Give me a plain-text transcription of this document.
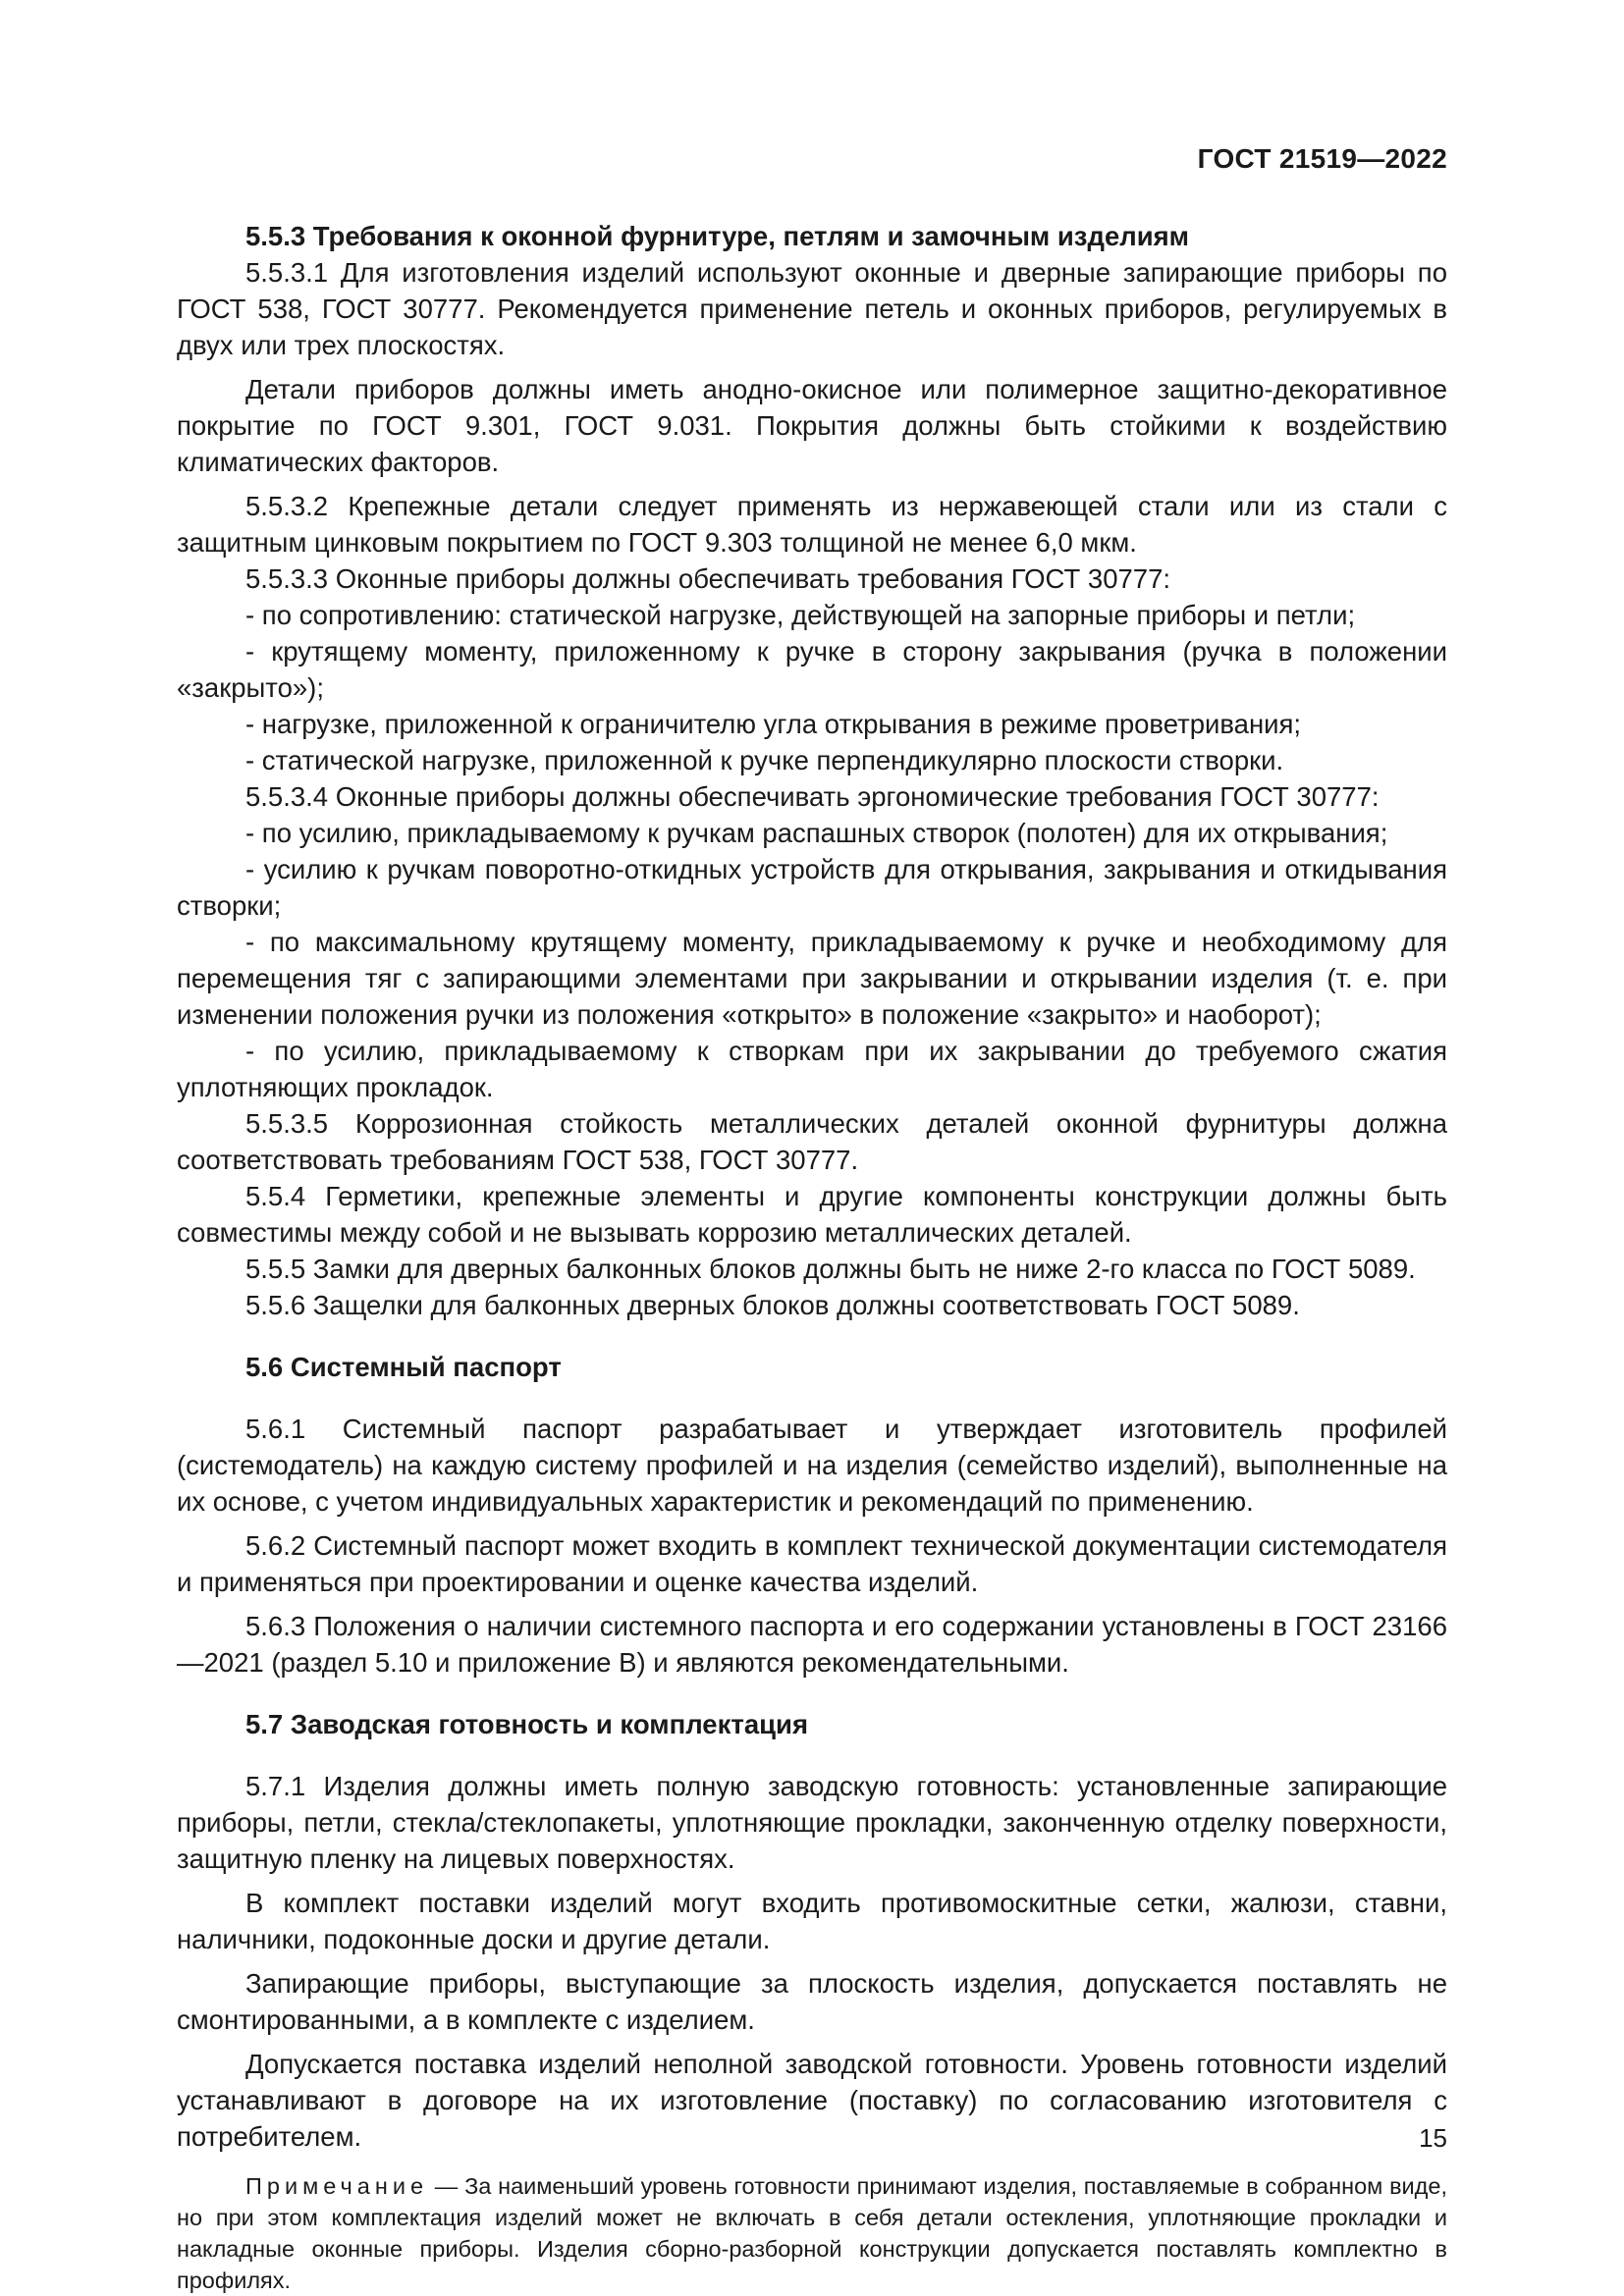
ГОСТ 21519—2022
5.5.3 Требования к оконной фурнитуре, петлям и замочным изделиям

5.5.3.1 Для изготовления изделий используют оконные и дверные запирающие приборы по ГОСТ 538, ГОСТ 30777. Рекомендуется применение петель и оконных приборов, регулируемых в двух или трех плоскостях.

Детали приборов должны иметь анодно-окисное или полимерное защитно-декоративное покрытие по ГОСТ 9.301, ГОСТ 9.031. Покрытия должны быть стойкими к воздействию климатических факторов.

5.5.3.2 Крепежные детали следует применять из нержавеющей стали или из стали с защитным цинковым покрытием по ГОСТ 9.303 толщиной не менее 6,0 мкм.

5.5.3.3 Оконные приборы должны обеспечивать требования ГОСТ 30777:

- по сопротивлению: статической нагрузке, действующей на запорные приборы и петли;

- крутящему моменту, приложенному к ручке в сторону закрывания (ручка в положении «закрыто»);

- нагрузке, приложенной к ограничителю угла открывания в режиме проветривания;

- статической нагрузке, приложенной к ручке перпендикулярно плоскости створки.

5.5.3.4 Оконные приборы должны обеспечивать эргономические требования ГОСТ 30777:

- по усилию, прикладываемому к ручкам распашных створок (полотен) для их открывания;

- усилию к ручкам поворотно-откидных устройств для открывания, закрывания и откидывания створки;

- по максимальному крутящему моменту, прикладываемому к ручке и необходимому для перемещения тяг с запирающими элементами при закрывании и открывании изделия (т. е. при изменении положения ручки из положения «открыто» в положение «закрыто» и наоборот);

- по усилию, прикладываемому к створкам при их закрывании до требуемого сжатия уплотняющих прокладок.

5.5.3.5 Коррозионная стойкость металлических деталей оконной фурнитуры должна соответствовать требованиям ГОСТ 538, ГОСТ 30777.

5.5.4 Герметики, крепежные элементы и другие компоненты конструкции должны быть совместимы между собой и не вызывать коррозию металлических деталей.

5.5.5 Замки для дверных балконных блоков должны быть не ниже 2-го класса по ГОСТ 5089.

5.5.6 Защелки для балконных дверных блоков должны соответствовать ГОСТ 5089.

5.6 Системный паспорт

5.6.1 Системный паспорт разрабатывает и утверждает изготовитель профилей (системодатель) на каждую систему профилей и на изделия (семейство изделий), выполненные на их основе, с учетом индивидуальных характеристик и рекомендаций по применению.

5.6.2 Системный паспорт может входить в комплект технической документации системодателя и применяться при проектировании и оценке качества изделий.

5.6.3 Положения о наличии системного паспорта и его содержании установлены в ГОСТ 23166—2021 (раздел 5.10 и приложение В) и являются рекомендательными.

5.7 Заводская готовность и комплектация

5.7.1 Изделия должны иметь полную заводскую готовность: установленные запирающие приборы, петли, стекла/стеклопакеты, уплотняющие прокладки, законченную отделку поверхности, защитную пленку на лицевых поверхностях.

В комплект поставки изделий могут входить противомоскитные сетки, жалюзи, ставни, наличники, подоконные доски и другие детали.

Запирающие приборы, выступающие за плоскость изделия, допускается поставлять не смонтированными, а в комплекте с изделием.

Допускается поставка изделий неполной заводской готовности. Уровень готовности изделий устанавливают в договоре на их изготовление (поставку) по согласованию изготовителя с потребителем.

Примечание — За наименьший уровень готовности принимают изделия, поставляемые в собранном виде, но при этом комплектация изделий может не включать в себя детали остекления, уплотняющие прокладки и накладные оконные приборы. Изделия сборно-разборной конструкции допускается поставлять комплектно в профилях.
15
